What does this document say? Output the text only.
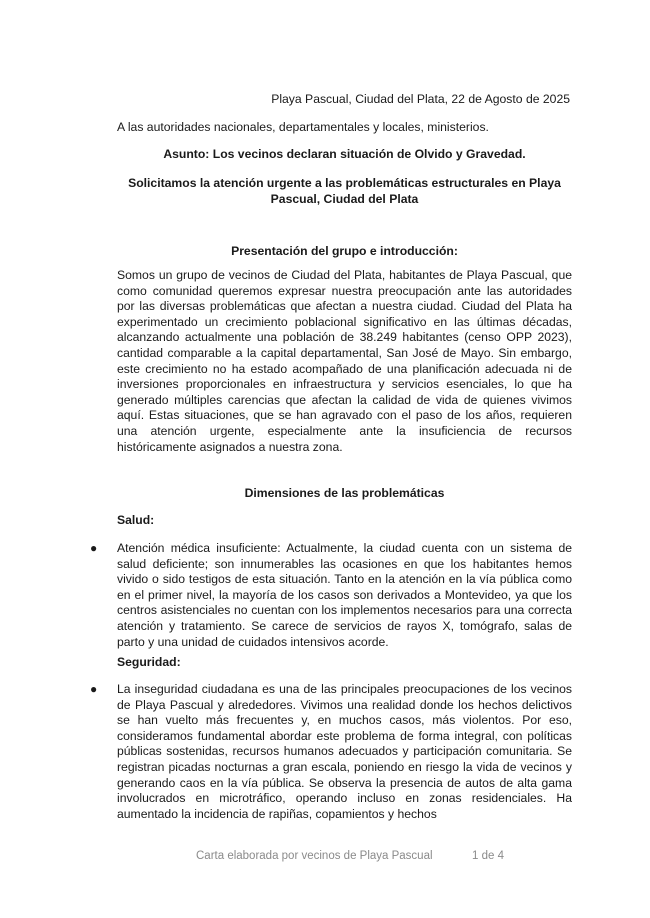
Playa Pascual, Ciudad del Plata, 22 de Agosto de 2025
A las autoridades nacionales, departamentales y locales, ministerios.
Asunto: Los vecinos declaran situación de Olvido y Gravedad.
Solicitamos la atención urgente a las problemáticas estructurales en Playa Pascual, Ciudad del Plata
Presentación del grupo e introducción:
Somos un grupo de vecinos de Ciudad del Plata, habitantes de Playa Pascual, que como comunidad queremos expresar nuestra preocupación ante las autoridades por las diversas problemáticas que afectan a nuestra ciudad. Ciudad del Plata ha experimentado un crecimiento poblacional significativo en las últimas décadas, alcanzando actualmente una población de 38.249 habitantes (censo OPP 2023), cantidad comparable a la capital departamental, San José de Mayo. Sin embargo, este crecimiento no ha estado acompañado de una planificación adecuada ni de inversiones proporcionales en infraestructura y servicios esenciales, lo que ha generado múltiples carencias que afectan la calidad de vida de quienes vivimos aquí. Estas situaciones, que se han agravado con el paso de los años, requieren una atención urgente, especialmente ante la insuficiencia de recursos históricamente asignados a nuestra zona.
Dimensiones de las problemáticas
Salud:
● Atención médica insuficiente: Actualmente, la ciudad cuenta con un sistema de salud deficiente; son innumerables las ocasiones en que los habitantes hemos vivido o sido testigos de esta situación. Tanto en la atención en la vía pública como en el primer nivel, la mayoría de los casos son derivados a Montevideo, ya que los centros asistenciales no cuentan con los implementos necesarios para una correcta atención y tratamiento. Se carece de servicios de rayos X, tomógrafo, salas de parto y una unidad de cuidados intensivos acorde.
Seguridad:
● La inseguridad ciudadana es una de las principales preocupaciones de los vecinos de Playa Pascual y alrededores. Vivimos una realidad donde los hechos delictivos se han vuelto más frecuentes y, en muchos casos, más violentos. Por eso, consideramos fundamental abordar este problema de forma integral, con políticas públicas sostenidas, recursos humanos adecuados y participación comunitaria. Se registran picadas nocturnas a gran escala, poniendo en riesgo la vida de vecinos y generando caos en la vía pública. Se observa la presencia de autos de alta gama involucrados en microtráfico, operando incluso en zonas residenciales. Ha aumentado la incidencia de rapiñas, copamientos y hechos
Carta elaborada por vecinos de Playa Pascual	1 de 4
